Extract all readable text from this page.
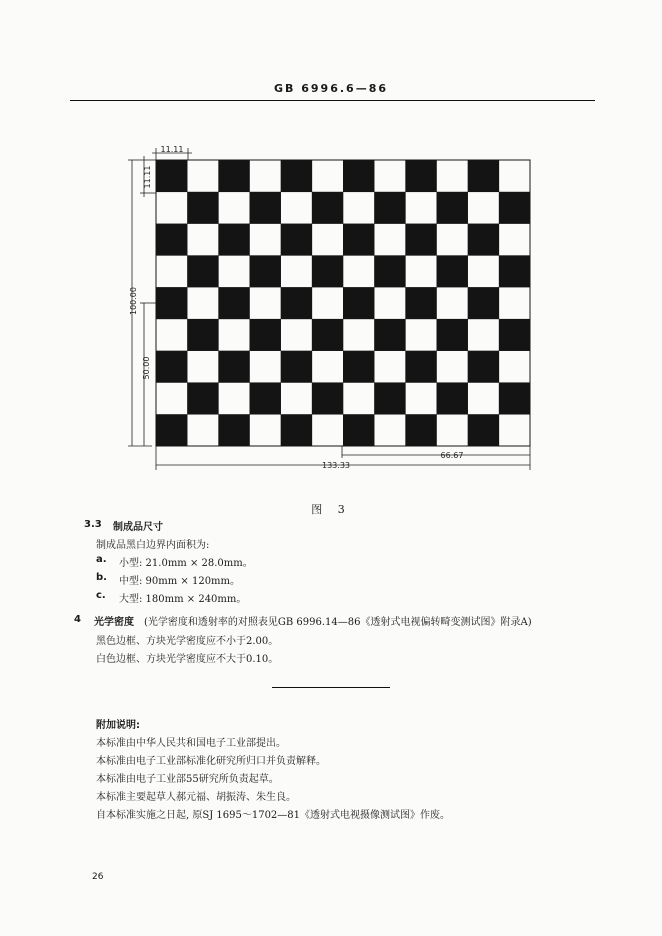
GB 6996.6—86
11.11
11.11
100.00
50.00
66.67
133.33
图 3
3.3 制成品尺寸
制成品黑白边界内面积为:
a. 小型: 21.0mm × 28.0mm。
b. 中型: 90mm × 120mm。
c. 大型: 180mm × 240mm。
4 光学密度 (光学密度和透射率的对照表见GB 6996.14—86《透射式电视偏转畸变测试图》附录A)
黑色边框、方块光学密度应不小于2.00。
白色边框、方块光学密度应不大于0.10。
附加说明:
本标准由中华人民共和国电子工业部提出。
本标准由电子工业部标准化研究所归口并负责解释。
本标准由电子工业部55研究所负责起草。
本标准主要起草人郝元福、胡振涛、朱生良。
自本标准实施之日起, 原SJ 1695～1702—81《透射式电视摄像测试图》作废。
26
